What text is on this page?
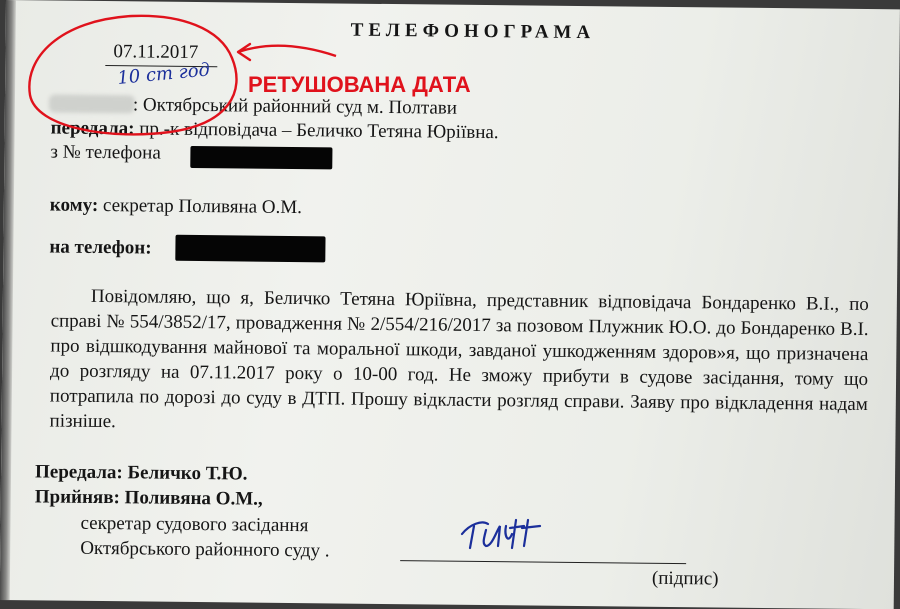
ТЕЛЕФОНОГРАМА
07.11.2017
10 ст год
: Октябрський районний суд м. Полтави
передала: пр.-к відповідача – Беличко Тетяна Юріївна.
з № телефона
кому: секретар Поливяна О.М.
на телефон:
Повідомляю, що я, Беличко Тетяна Юріївна, представник відповідача Бондаренко В.І., по справі № 554/3852/17, провадження № 2/554/216/2017 за позовом Плужник Ю.О. до Бондаренко В.І. про відшкодування майнової та моральної шкоди, завданої ушкодженням здоров»я, що призначена до розгляду на 07.11.2017 року о 10-00 год. Не зможу прибути в судове засідання, тому що потрапила по дорозі до суду в ДТП. Прошу відкласти розгляд справи. Заяву про відкладення надам пізніше.
Передала: Беличко Т.Ю.
Прийняв: Поливяна О.М.,
секретар судового засідання
Октябрського районного суду .
(підпис)
РЕТУШОВАНА ДАТА
